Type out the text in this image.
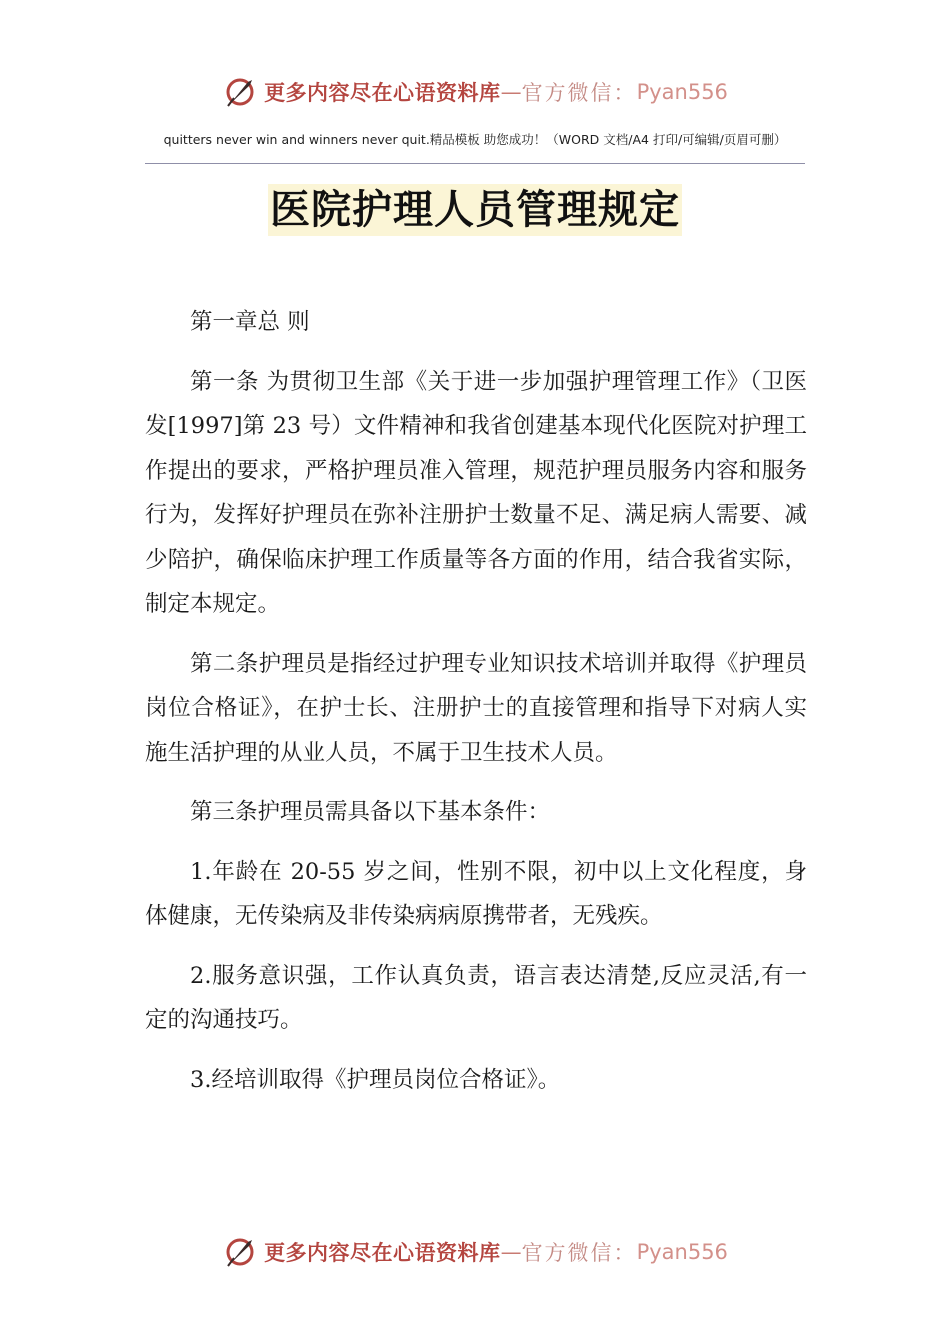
更多内容尽在心语资料库 — 官方微信： Pyan556
quitters never win and winners never quit.精品模板 助您成功！（WORD 文档/A4 打印/可编辑/页眉可删）
医院护理人员管理规定

第一章总 则

第一条 为贯彻卫生部《关于进一步加强护理管理工作》（卫医发[1997]第 23 号）文件精神和我省创建基本现代化医院对护理工作提出的要求，严格护理员准入管理，规范护理员服务内容和服务行为，发挥好护理员在弥补注册护士数量不足、满足病人需要、减少陪护，确保临床护理工作质量等各方面的作用，结合我省实际，制定本规定。

第二条护理员是指经过护理专业知识技术培训并取得《护理员岗位合格证》，在护士长、注册护士的直接管理和指导下对病人实施生活护理的从业人员，不属于卫生技术人员。

第三条护理员需具备以下基本条件：

1.年龄在 20-55 岁之间，性别不限，初中以上文化程度，身体健康，无传染病及非传染病病原携带者，无残疾。

2.服务意识强，工作认真负责，语言表达清楚,反应灵活,有一定的沟通技巧。

3.经培训取得《护理员岗位合格证》。

更多内容尽在心语资料库 — 官方微信： Pyan556
